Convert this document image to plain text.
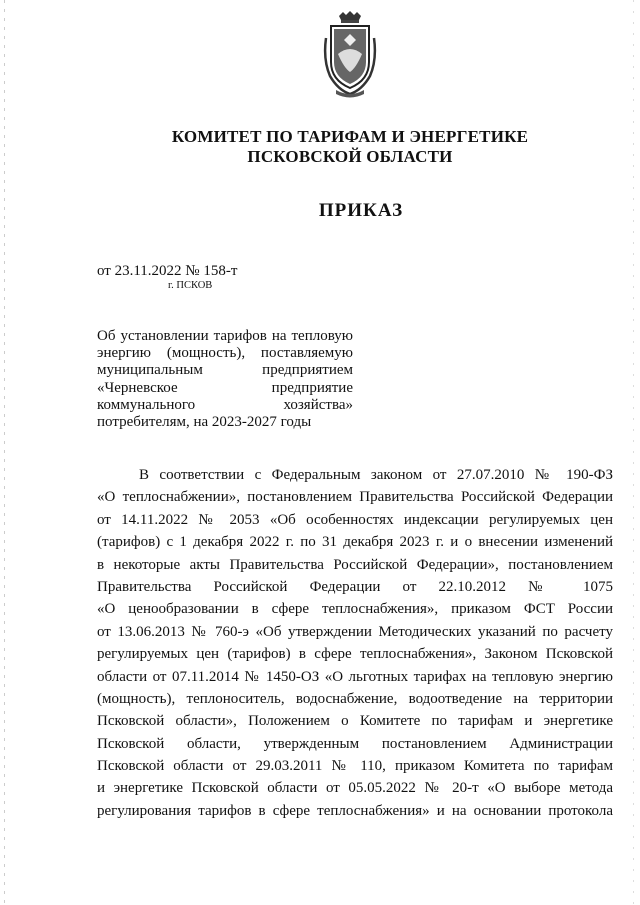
КОМИТЕТ ПО ТАРИФАМ И ЭНЕРГЕТИКЕ
ПСКОВСКОЙ ОБЛАСТИ
ПРИКАЗ
от 23.11.2022 № 158-т
г. ПСКОВ
Об установлении тарифов на тепловую
энергию (мощность), поставляемую
муниципальным предприятием
«Черневское предприятие
коммунального хозяйства»
потребителям, на 2023-2027 годы
В соответствии с Федеральным законом от 27.07.2010 № 190-ФЗ
«О теплоснабжении», постановлением Правительства Российской Федерации
от 14.11.2022 № 2053 «Об особенностях индексации регулируемых цен
(тарифов) с 1 декабря 2022 г. по 31 декабря 2023 г. и о внесении изменений
в некоторые акты Правительства Российской Федерации», постановлением
Правительства Российской Федерации от 22.10.2012 № 1075
«О ценообразовании в сфере теплоснабжения», приказом ФСТ России
от 13.06.2013 № 760-э «Об утверждении Методических указаний по расчету
регулируемых цен (тарифов) в сфере теплоснабжения», Законом Псковской
области от 07.11.2014 № 1450-ОЗ «О льготных тарифах на тепловую энергию
(мощность), теплоноситель, водоснабжение, водоотведение на территории
Псковской области», Положением о Комитете по тарифам и энергетике
Псковской области, утвержденным постановлением Администрации
Псковской области от 29.03.2011 № 110, приказом Комитета по тарифам
и энергетике Псковской области от 05.05.2022 № 20-т «О выборе метода
регулирования тарифов в сфере теплоснабжения» и на основании протокола
